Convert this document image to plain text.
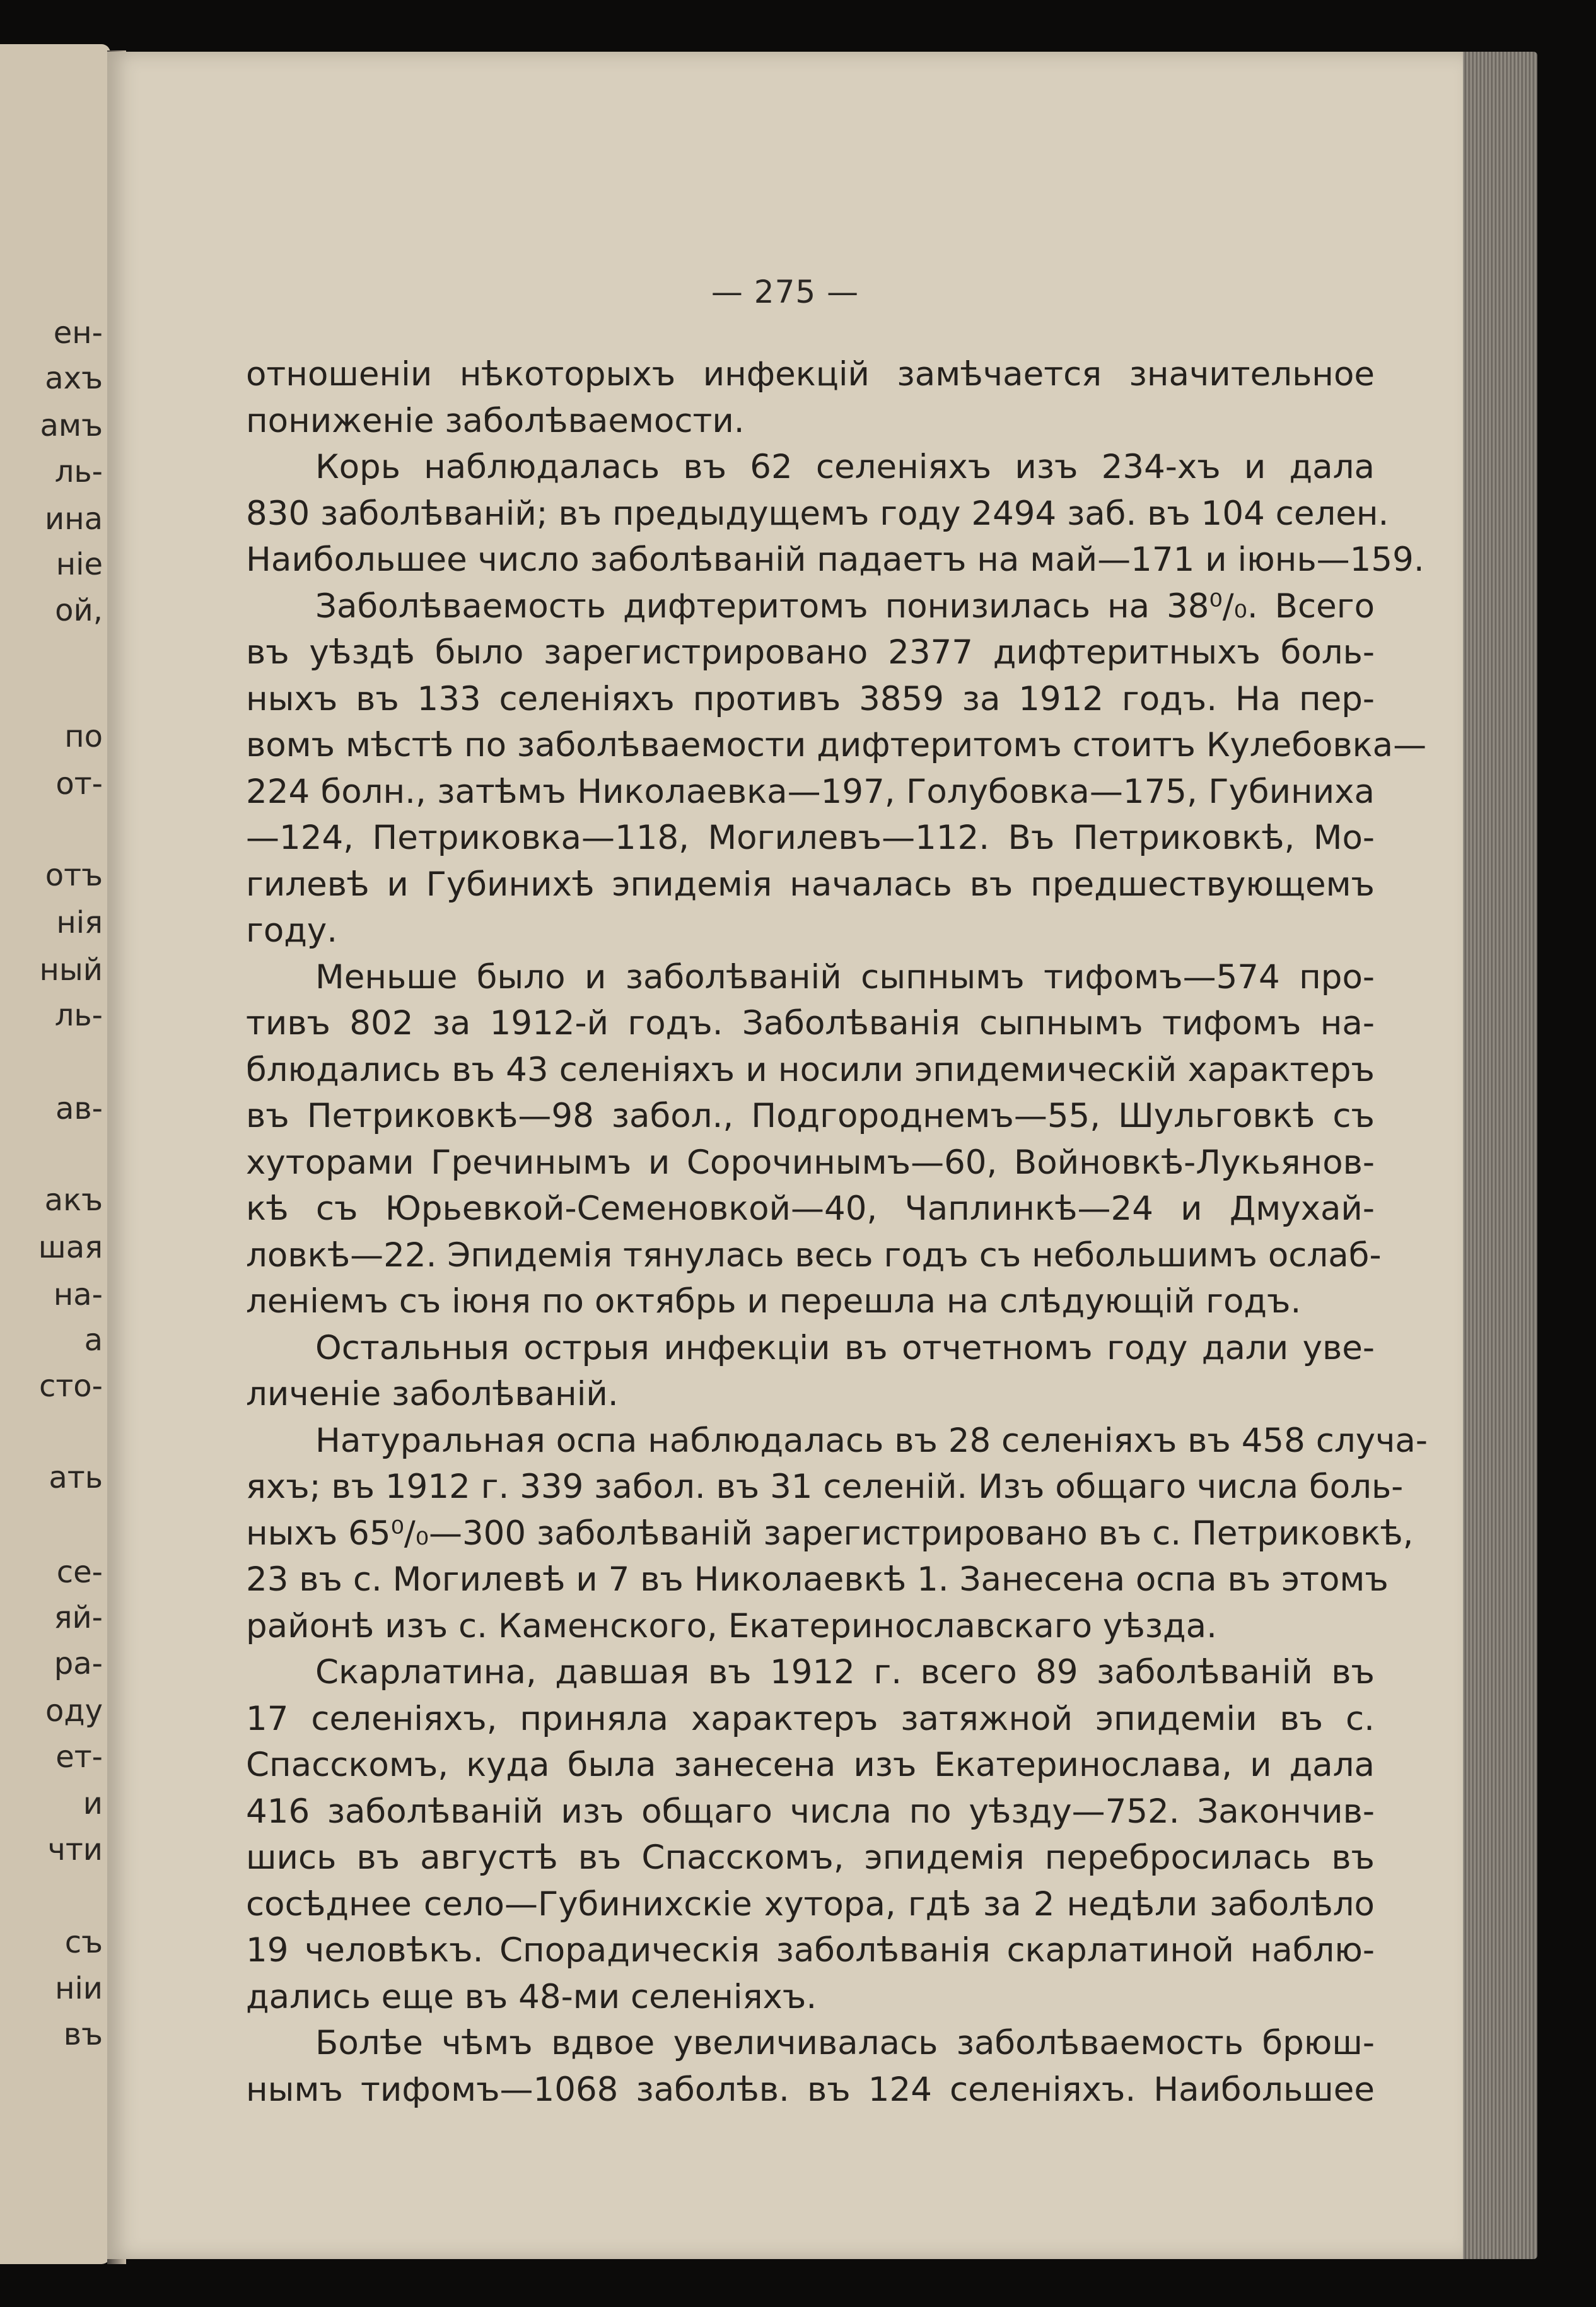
ен-
ахъ
амъ
ль-
ина
ніе
ой,
по
от-
отъ
нія
ный
ль-
ав-
акъ
шая
на-
а
сто-
ать
се-
яй-
ра-
оду
ет-
и
чти
съ
ніи
въ
— 275 —
отношеніи нѣкоторыхъ инфекцій замѣчается значительное
пониженіе заболѣваемости.
Корь наблюдалась въ 62 селеніяхъ изъ 234-хъ и дала
830 заболѣваній; въ предыдущемъ году 2494 заб. въ 104 селен.
Наибольшее число заболѣваній падаетъ на май—171 и іюнь—159.
Заболѣваемость дифтеритомъ понизилась на 38⁰/₀. Всего
въ уѣздѣ было зарегистрировано 2377 дифтеритныхъ боль-
ныхъ въ 133 селеніяхъ противъ 3859 за 1912 годъ. На пер-
вомъ мѣстѣ по заболѣваемости дифтеритомъ стоитъ Кулебовка—
224 болн., затѣмъ Николаевка—197, Голубовка—175, Губиниха
—124, Петриковка—118, Могилевъ—112. Въ Петриковкѣ, Мо-
гилевѣ и Губинихѣ эпидемія началась въ предшествующемъ
году.
Меньше было и заболѣваній сыпнымъ тифомъ—574 про-
тивъ 802 за 1912-й годъ. Заболѣванія сыпнымъ тифомъ на-
блюдались въ 43 селеніяхъ и носили эпидемическій характеръ
въ Петриковкѣ—98 забол., Подгороднемъ—55, Шульговкѣ съ
хуторами Гречинымъ и Сорочинымъ—60, Войновкѣ-Лукьянов-
кѣ съ Юрьевкой-Семеновкой—40, Чаплинкѣ—24 и Дмухай-
ловкѣ—22. Эпидемія тянулась весь годъ съ небольшимъ ослаб-
леніемъ съ іюня по октябрь и перешла на слѣдующій годъ.
Остальныя острыя инфекціи въ отчетномъ году дали уве-
личеніе заболѣваній.
Натуральная оспа наблюдалась въ 28 селеніяхъ въ 458 случа-
яхъ; въ 1912 г. 339 забол. въ 31 селеній. Изъ общаго числа боль-
ныхъ 65⁰/₀—300 заболѣваній зарегистрировано въ с. Петриковкѣ,
23 въ с. Могилевѣ и 7 въ Николаевкѣ 1. Занесена оспа въ этомъ
районѣ изъ с. Каменского, Екатеринославскаго уѣзда.
Скарлатина, давшая въ 1912 г. всего 89 заболѣваній въ
17 селеніяхъ, приняла характеръ затяжной эпидеміи въ с.
Спасскомъ, куда была занесена изъ Екатеринослава, и дала
416 заболѣваній изъ общаго числа по уѣзду—752. Закончив-
шись въ августѣ въ Спасскомъ, эпидемія перебросилась въ
сосѣднее село—Губинихскіе хутора, гдѣ за 2 недѣли заболѣло
19 человѣкъ. Спорадическія заболѣванія скарлатиной наблю-
дались еще въ 48-ми селеніяхъ.
Болѣе чѣмъ вдвое увеличивалась заболѣваемость брюш-
нымъ тифомъ—1068 заболѣв. въ 124 селеніяхъ. Наибольшее
